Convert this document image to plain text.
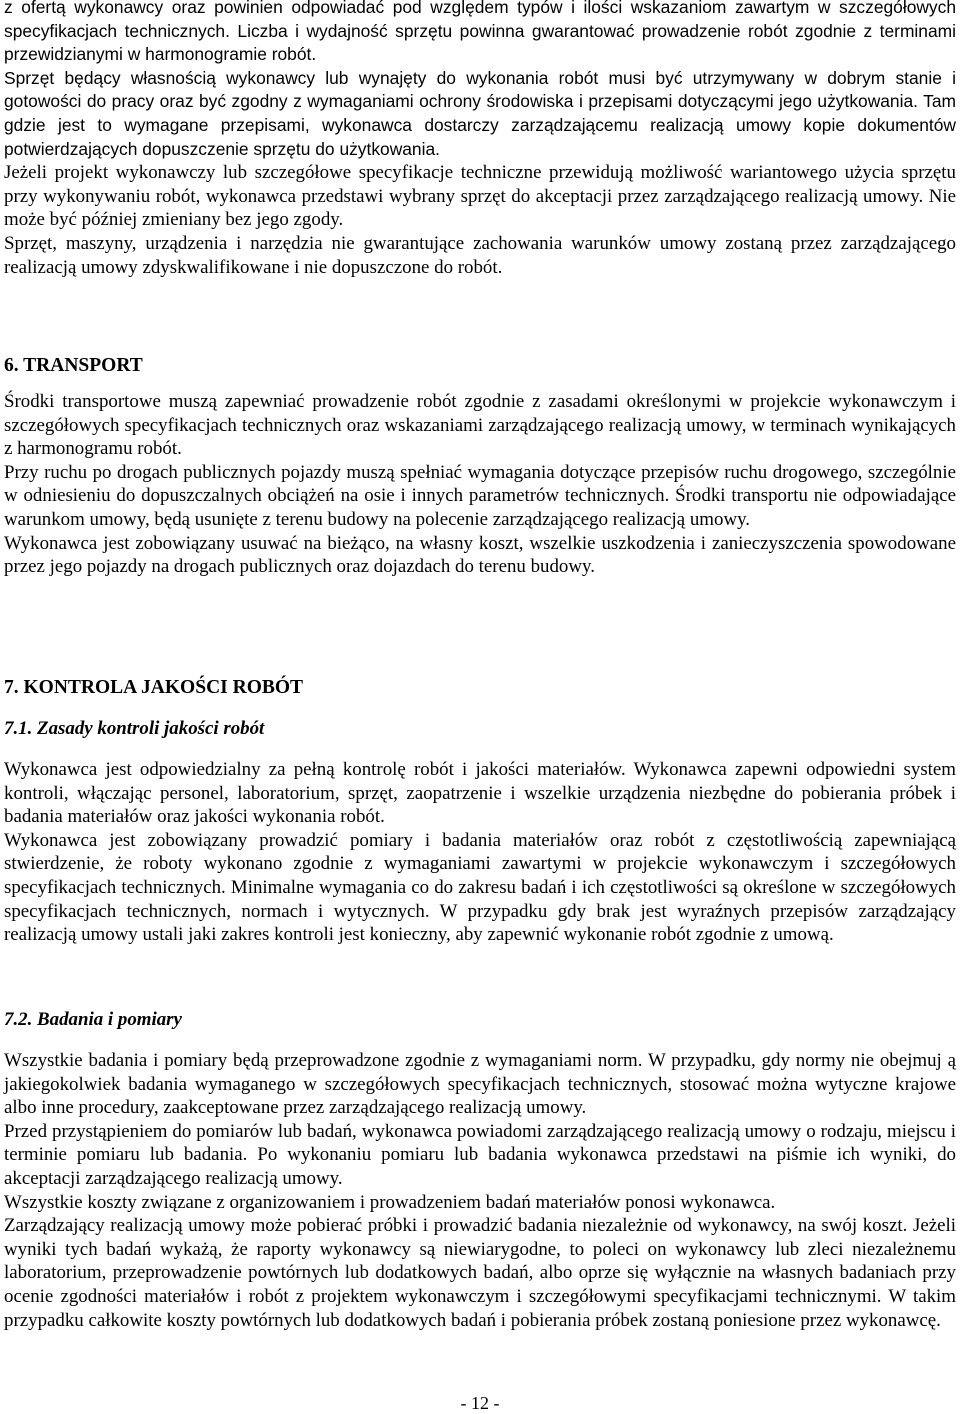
z ofertą wykonawcy oraz powinien odpowiadać pod względem typów i ilości wskazaniom zawartym w szczegółowych specyfikacjach technicznych. Liczba i wydajność sprzętu powinna gwarantować prowadzenie robót zgodnie z terminami przewidzianymi w harmonogramie robót.

Sprzęt będący własnością wykonawcy lub wynajęty do wykonania robót musi być utrzymywany w dobrym stanie i gotowości do pracy oraz być zgodny z wymaganiami ochrony środowiska i przepisami dotyczącymi jego użytkowania. Tam gdzie jest to wymagane przepisami, wykonawca dostarczy zarządzającemu realizacją umowy kopie dokumentów potwierdzających dopuszczenie sprzętu do użytkowania.

Jeżeli projekt wykonawczy lub szczegółowe specyfikacje techniczne przewidują możliwość wariantowego użycia sprzętu przy wykonywaniu robót, wykonawca przedstawi wybrany sprzęt do akceptacji przez zarządzającego realizacją umowy. Nie może być później zmieniany bez jego zgody.

Sprzęt, maszyny, urządzenia i narzędzia nie gwarantujące zachowania warunków umowy zostaną przez zarządzającego realizacją umowy zdyskwalifikowane i nie dopuszczone do robót.

6. TRANSPORT

Środki transportowe muszą zapewniać prowadzenie robót zgodnie z zasadami określonymi w projekcie wykonawczym i szczegółowych specyfikacjach technicznych oraz wskazaniami zarządzającego realizacją umowy, w terminach wynikających z harmonogramu robót.

Przy ruchu po drogach publicznych pojazdy muszą spełniać wymagania dotyczące przepisów ruchu drogowego, szczególnie w odniesieniu do dopuszczalnych obciążeń na osie i innych parametrów technicznych. Środki transportu nie odpowiadające warunkom umowy, będą usunięte z terenu budowy na polecenie zarządzającego realizacją umowy.

Wykonawca jest zobowiązany usuwać na bieżąco, na własny koszt, wszelkie uszkodzenia i zanieczyszczenia spowodowane przez jego pojazdy na drogach publicznych oraz dojazdach do terenu budowy.

7. KONTROLA JAKOŚCI ROBÓT
7.1. Zasady kontroli jakości robót

Wykonawca jest odpowiedzialny za pełną kontrolę robót i jakości materiałów. Wykonawca zapewni odpowiedni system kontroli, włączając personel, laboratorium, sprzęt, zaopatrzenie i wszelkie urządzenia niezbędne do pobierania próbek i badania materiałów oraz jakości wykonania robót.

Wykonawca jest zobowiązany prowadzić pomiary i badania materiałów oraz robót z częstotliwością zapewniającą stwierdzenie, że roboty wykonano zgodnie z wymaganiami zawartymi w projekcie wykonawczym i szczegółowych specyfikacjach technicznych. Minimalne wymagania co do zakresu badań i ich częstotliwości są określone w szczegółowych specyfikacjach technicznych, normach i wytycznych. W przypadku gdy brak jest wyraźnych przepisów zarządzający realizacją umowy ustali jaki zakres kontroli jest konieczny, aby zapewnić wykonanie robót zgodnie z umową.

7.2. Badania i pomiary

Wszystkie badania i pomiary będą przeprowadzone zgodnie z wymaganiami norm. W przypadku, gdy normy nie obejmuj ą jakiegokolwiek badania wymaganego w szczegółowych specyfikacjach technicznych, stosować można wytyczne krajowe albo inne procedury, zaakceptowane przez zarządzającego realizacją umowy.

Przed przystąpieniem do pomiarów lub badań, wykonawca powiadomi zarządzającego realizacją umowy o rodzaju, miejscu i terminie pomiaru lub badania. Po wykonaniu pomiaru lub badania wykonawca przedstawi na piśmie ich wyniki, do akceptacji zarządzającego realizacją umowy.

Wszystkie koszty związane z organizowaniem i prowadzeniem badań materiałów ponosi wykonawca.

Zarządzający realizacją umowy może pobierać próbki i prowadzić badania niezależnie od wykonawcy, na swój koszt. Jeżeli wyniki tych badań wykażą, że raporty wykonawcy są niewiarygodne, to poleci on wykonawcy lub zleci niezależnemu laboratorium, przeprowadzenie powtórnych lub dodatkowych badań, albo oprze się wyłącznie na własnych badaniach przy ocenie zgodności materiałów i robót z projektem wykonawczym i szczegółowymi specyfikacjami technicznymi. W takim przypadku całkowite koszty powtórnych lub dodatkowych badań i pobierania próbek zostaną poniesione przez wykonawcę.

- 12 -
